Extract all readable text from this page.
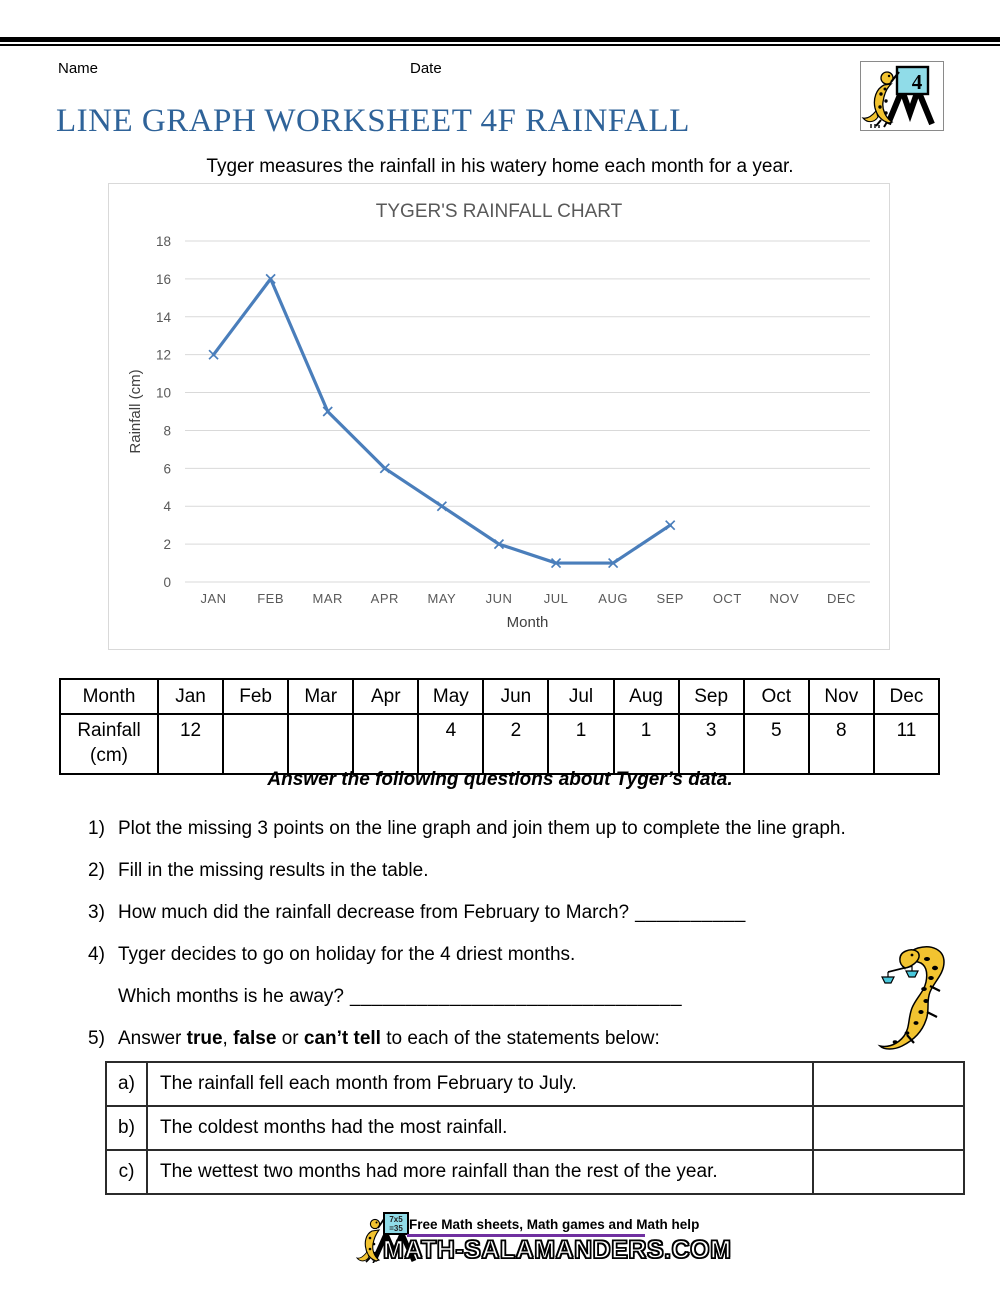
Name	Date
4
LINE GRAPH WORKSHEET 4F RAINFALL
Tyger measures the rainfall in his watery home each month for a year.
0
2
4
6
8
10
12
14
16
18
JAN FEB MAR APR MAY JUN JUL AUG SEP OCT NOV DEC
TYGER'S RAINFALL CHART
Month
Rainfall (cm)
Month	Jan	Feb	Mar	Apr	May	Jun	Jul	Aug	Sep	Oct	Nov	Dec

Rainfall
(cm)	12				4	2	1	1	3	5	8	11
Answer the following questions about Tyger’s data.
1) Plot the missing 3 points on the line graph and join them up to complete the line graph.
2) Fill in the missing results in the table.
3) How much did the rainfall decrease from February to March? __________
4) Tyger decides to go on holiday for the 4 driest months.
Which months is he away? ______________________________
5) Answer true, false or can’t tell to each of the statements below:
a)	The rainfall fell each month from February to July.	
b)	The coldest months had the most rainfall.	
c)	The wettest two months had more rainfall than the rest of the year.	
7x5
=35 Free Math sheets, Math games and Math help
MATH-SALAMANDERS.COM
